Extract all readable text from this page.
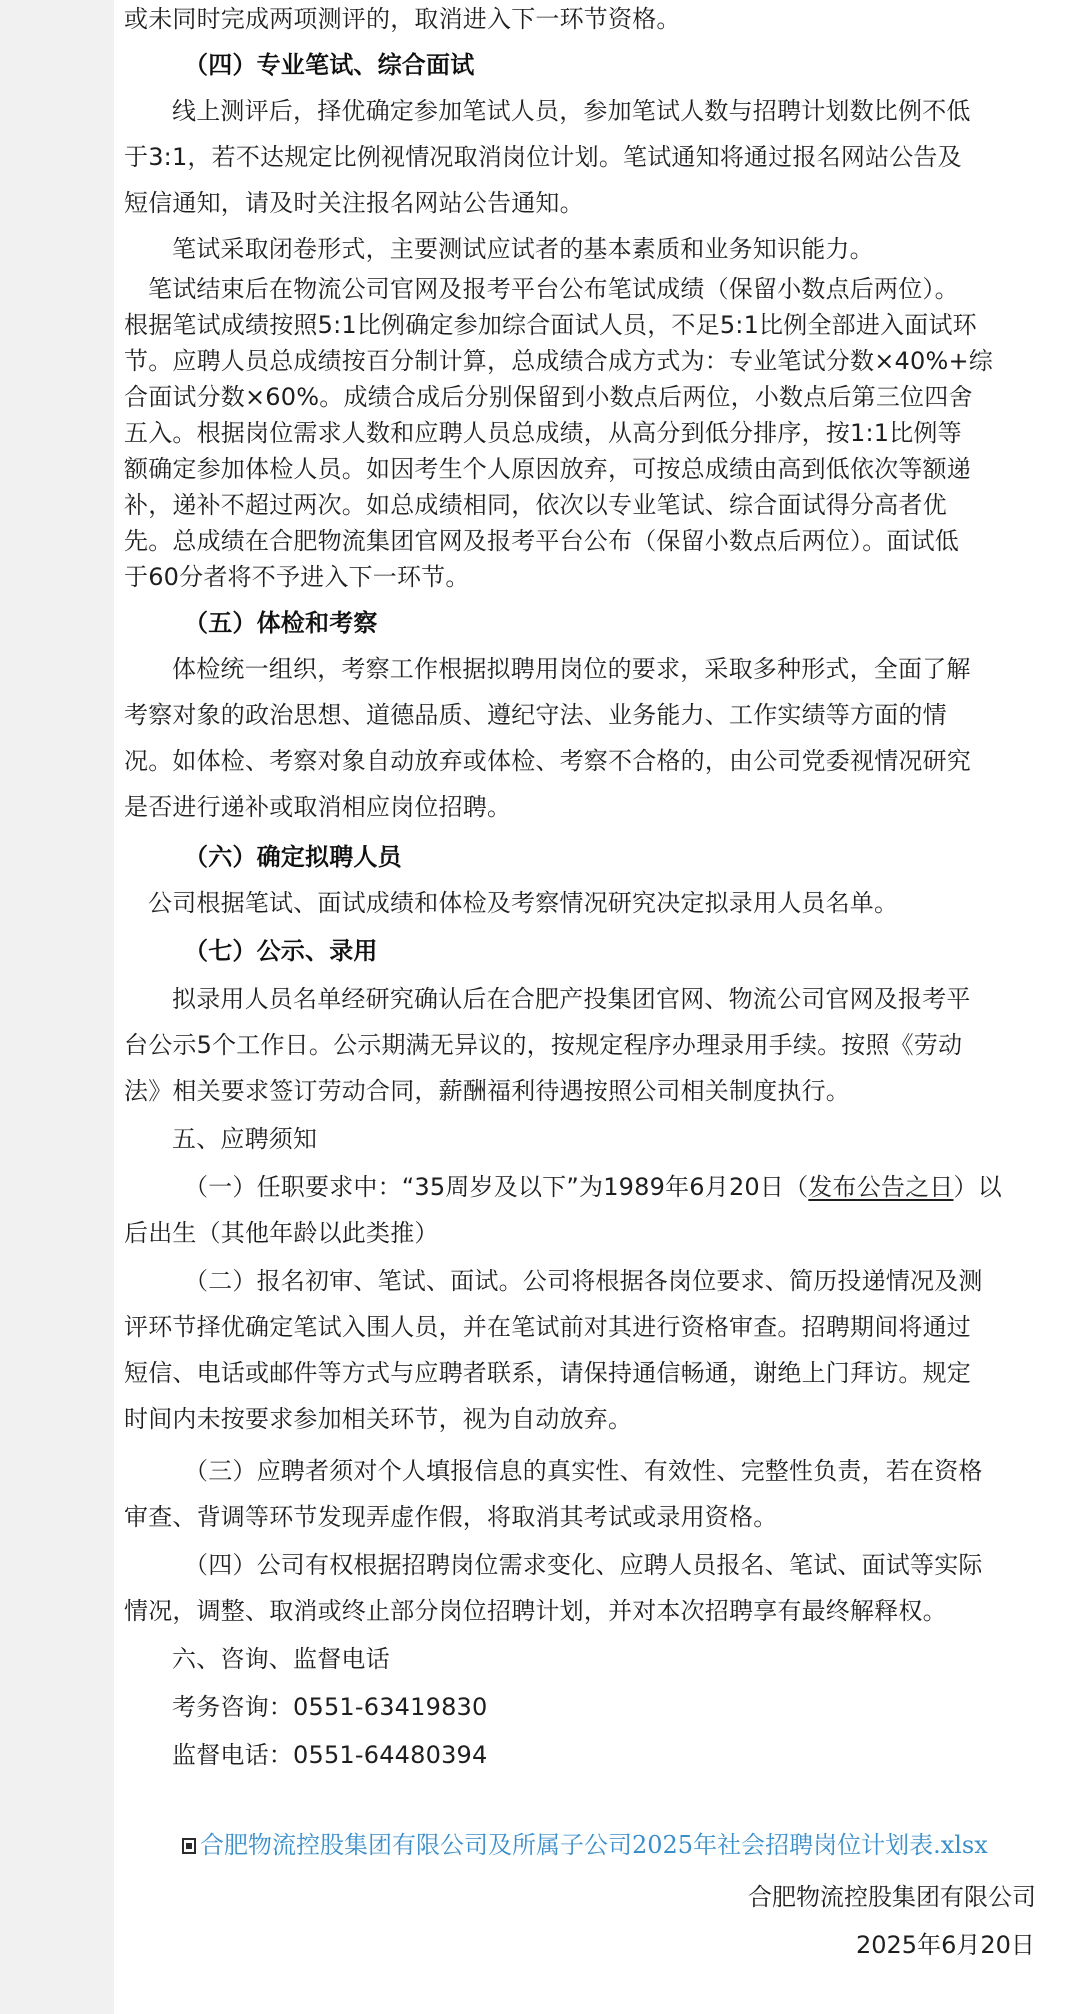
或未同时完成两项测评的，取消进入下一环节资格。
（四）专业笔试、综合面试
线上测评后，择优确定参加笔试人员，参加笔试人数与招聘计划数比例不低
于3:1，若不达规定比例视情况取消岗位计划。笔试通知将通过报名网站公告及
短信通知，请及时关注报名网站公告通知。
笔试采取闭卷形式，主要测试应试者的基本素质和业务知识能力。
笔试结束后在物流公司官网及报考平台公布笔试成绩（保留小数点后两位）。
根据笔试成绩按照5:1比例确定参加综合面试人员，不足5:1比例全部进入面试环
节。应聘人员总成绩按百分制计算，总成绩合成方式为：专业笔试分数×40%+综
合面试分数×60%。成绩合成后分别保留到小数点后两位，小数点后第三位四舍
五入。根据岗位需求人数和应聘人员总成绩，从高分到低分排序，按1:1比例等
额确定参加体检人员。如因考生个人原因放弃，可按总成绩由高到低依次等额递
补，递补不超过两次。如总成绩相同，依次以专业笔试、综合面试得分高者优
先。总成绩在合肥物流集团官网及报考平台公布（保留小数点后两位）。面试低
于60分者将不予进入下一环节。
（五）体检和考察
体检统一组织，考察工作根据拟聘用岗位的要求，采取多种形式，全面了解
考察对象的政治思想、道德品质、遵纪守法、业务能力、工作实绩等方面的情
况。如体检、考察对象自动放弃或体检、考察不合格的，由公司党委视情况研究
是否进行递补或取消相应岗位招聘。
（六）确定拟聘人员
公司根据笔试、面试成绩和体检及考察情况研究决定拟录用人员名单。
（七）公示、录用
拟录用人员名单经研究确认后在合肥产投集团官网、物流公司官网及报考平
台公示5个工作日。公示期满无异议的，按规定程序办理录用手续。按照《劳动
法》相关要求签订劳动合同，薪酬福利待遇按照公司相关制度执行。
五、应聘须知
（一）任职要求中：“35周岁及以下”为1989年6月20日（发布公告之日）以
后出生（其他年龄以此类推）
（二）报名初审、笔试、面试。公司将根据各岗位要求、简历投递情况及测
评环节择优确定笔试入围人员，并在笔试前对其进行资格审查。招聘期间将通过
短信、电话或邮件等方式与应聘者联系，请保持通信畅通，谢绝上门拜访。规定
时间内未按要求参加相关环节，视为自动放弃。
（三）应聘者须对个人填报信息的真实性、有效性、完整性负责，若在资格
审查、背调等环节发现弄虚作假，将取消其考试或录用资格。
（四）公司有权根据招聘岗位需求变化、应聘人员报名、笔试、面试等实际
情况，调整、取消或终止部分岗位招聘计划，并对本次招聘享有最终解释权。
六、咨询、监督电话
考务咨询：0551-63419830
监督电话：0551-64480394
合肥物流控股集团有限公司及所属子公司2025年社会招聘岗位计划表.xlsx
合肥物流控股集团有限公司
2025年6月20日
